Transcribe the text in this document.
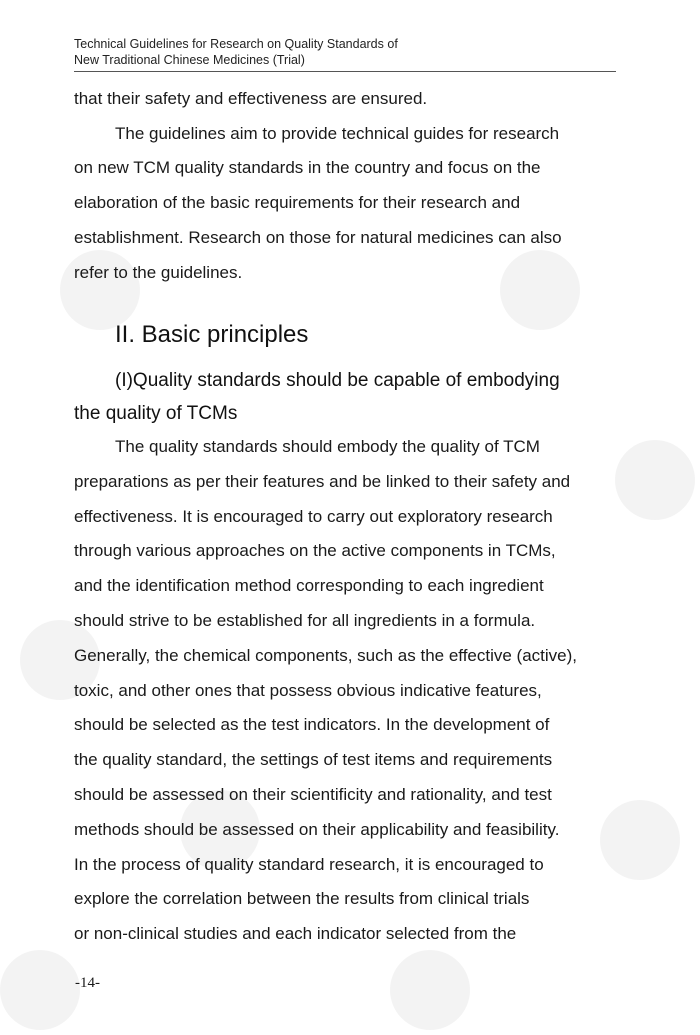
Technical Guidelines for Research on Quality Standards of
New Traditional Chinese Medicines (Trial)
that their safety and effectiveness are ensured.
The guidelines aim to provide technical guides for research
on new TCM quality standards in the country and focus on the
elaboration of the basic requirements for their research and
establishment. Research on those for natural medicines can also
refer to the guidelines.
II. Basic principles
(I)Quality standards should be capable of embodying
the quality of TCMs
The quality standards should embody the quality of TCM
preparations as per their features and be linked to their safety and
effectiveness. It is encouraged to carry out exploratory research
through various approaches on the active components in TCMs,
and the identification method corresponding to each ingredient
should strive to be established for all ingredients in a formula.
Generally, the chemical components, such as the effective (active),
toxic, and other ones that possess obvious indicative features,
should be selected as the test indicators. In the development of
the quality standard, the settings of test items and requirements
should be assessed on their scientificity and rationality, and test
methods should be assessed on their applicability and feasibility.
In the process of quality standard research, it is encouraged to
explore the correlation between the results from clinical trials
or non-clinical studies and each indicator selected from the
-14-
